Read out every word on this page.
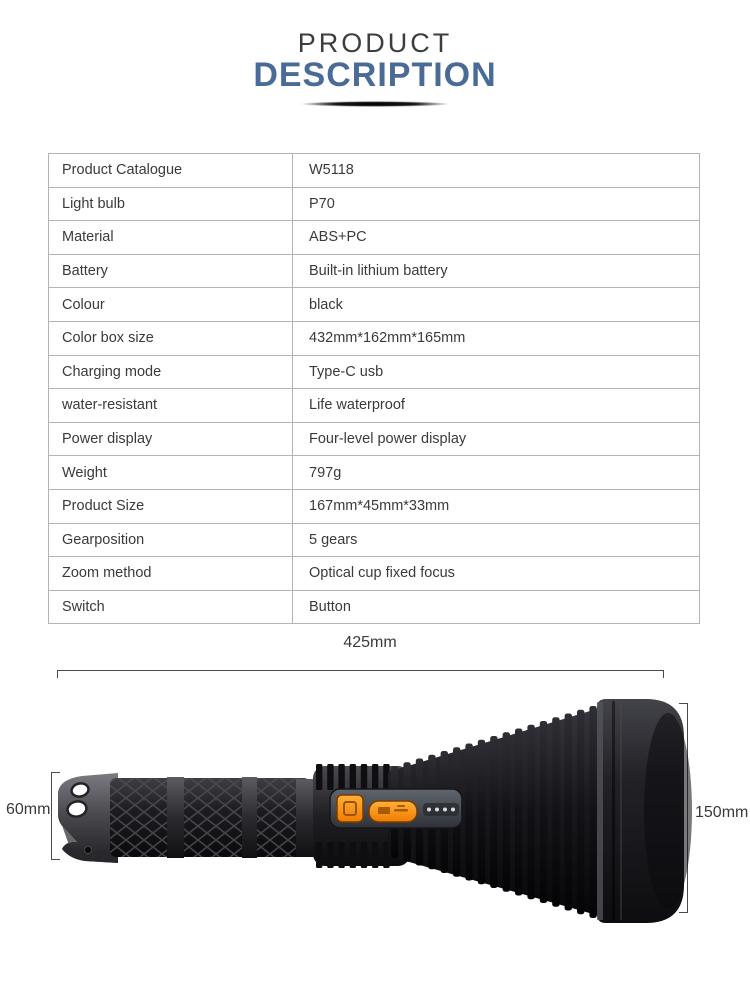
PRODUCT
DESCRIPTION
Product Catalogue	W5118
Light bulb	P70
Material	ABS+PC
Battery	Built-in lithium battery
Colour	black
Color box size	432mm*162mm*165mm
Charging mode	Type-C usb
water-resistant	Life waterproof
Power display	Four-level power display
Weight	797g
Product Size	167mm*45mm*33mm
Gearposition	5 gears
Zoom method	Optical cup fixed focus
Switch	Button
425mm
60mm	150mm
